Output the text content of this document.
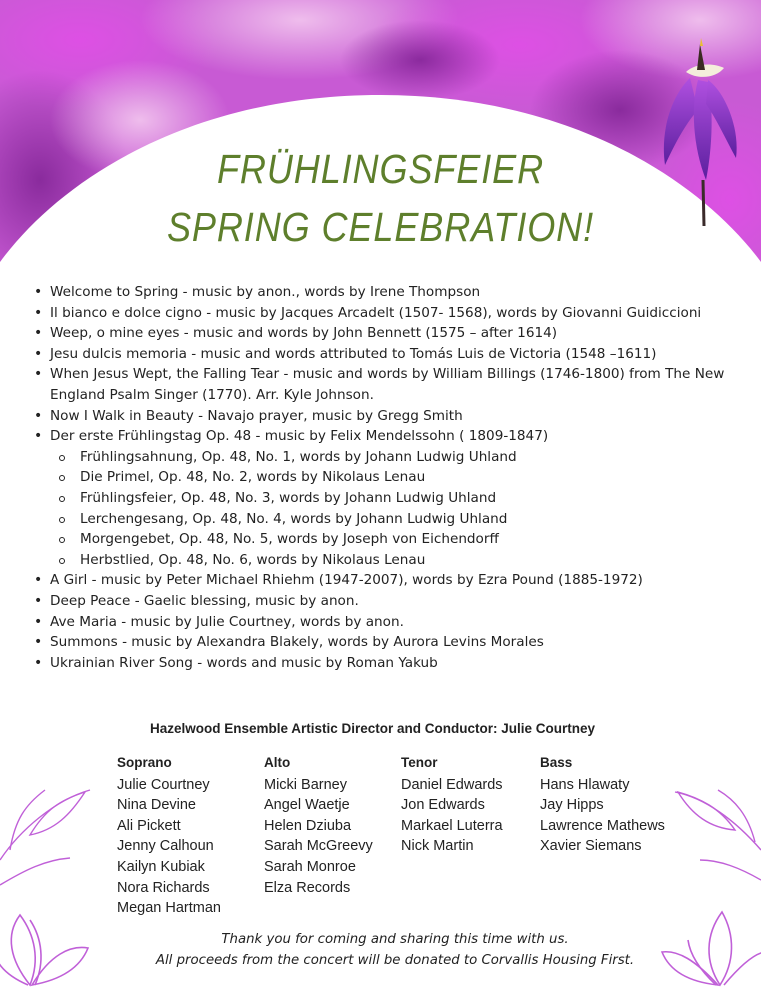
FRÜHLINGSFEIER
SPRING CELEBRATION!
• Welcome to Spring - music by anon., words by Irene Thompson
• Il bianco e dolce cigno - music by Jacques Arcadelt (1507- 1568), words by Giovanni Guidiccioni
• Weep, o mine eyes - music and words by John Bennett (1575 – after 1614)
• Jesu dulcis memoria - music and words attributed to Tomás Luis de Victoria (1548 –1611)
• When Jesus Wept, the Falling Tear - music and words by William Billings (1746-1800) from The New England Psalm Singer (1770). Arr. Kyle Johnson.
• Now I Walk in Beauty - Navajo prayer, music by Gregg Smith
• Der erste Frühlingstag Op. 48 - music by Felix Mendelssohn ( 1809-1847)
Frühlingsahnung, Op. 48, No. 1, words by Johann Ludwig Uhland
Die Primel, Op. 48, No. 2, words by Nikolaus Lenau
Frühlingsfeier, Op. 48, No. 3, words by Johann Ludwig Uhland
Lerchengesang, Op. 48, No. 4, words by Johann Ludwig Uhland
Morgengebet, Op. 48, No. 5, words by Joseph von Eichendorff
Herbstlied, Op. 48, No. 6, words by Nikolaus Lenau
• A Girl - music by Peter Michael Rhiehm (1947-2007), words by Ezra Pound (1885-1972)
• Deep Peace - Gaelic blessing, music by anon.
• Ave Maria - music by Julie Courtney, words by anon.
• Summons - music by Alexandra Blakely, words by Aurora Levins Morales
• Ukrainian River Song - words and music by Roman Yakub
Hazelwood Ensemble Artistic Director and Conductor: Julie Courtney
Soprano
Julie Courtney
Nina Devine
Ali Pickett
Jenny Calhoun
Kailyn Kubiak
Nora Richards
Megan Hartman
Alto
Micki Barney
Angel Waetje
Helen Dziuba
Sarah McGreevy
Sarah Monroe
Elza Records
Tenor
Daniel Edwards
Jon Edwards
Markael Luterra
Nick Martin
Bass
Hans Hlawaty
Jay Hipps
Lawrence Mathews
Xavier Siemans
Thank you for coming and sharing this time with us.
All proceeds from the concert will be donated to Corvallis Housing First.
